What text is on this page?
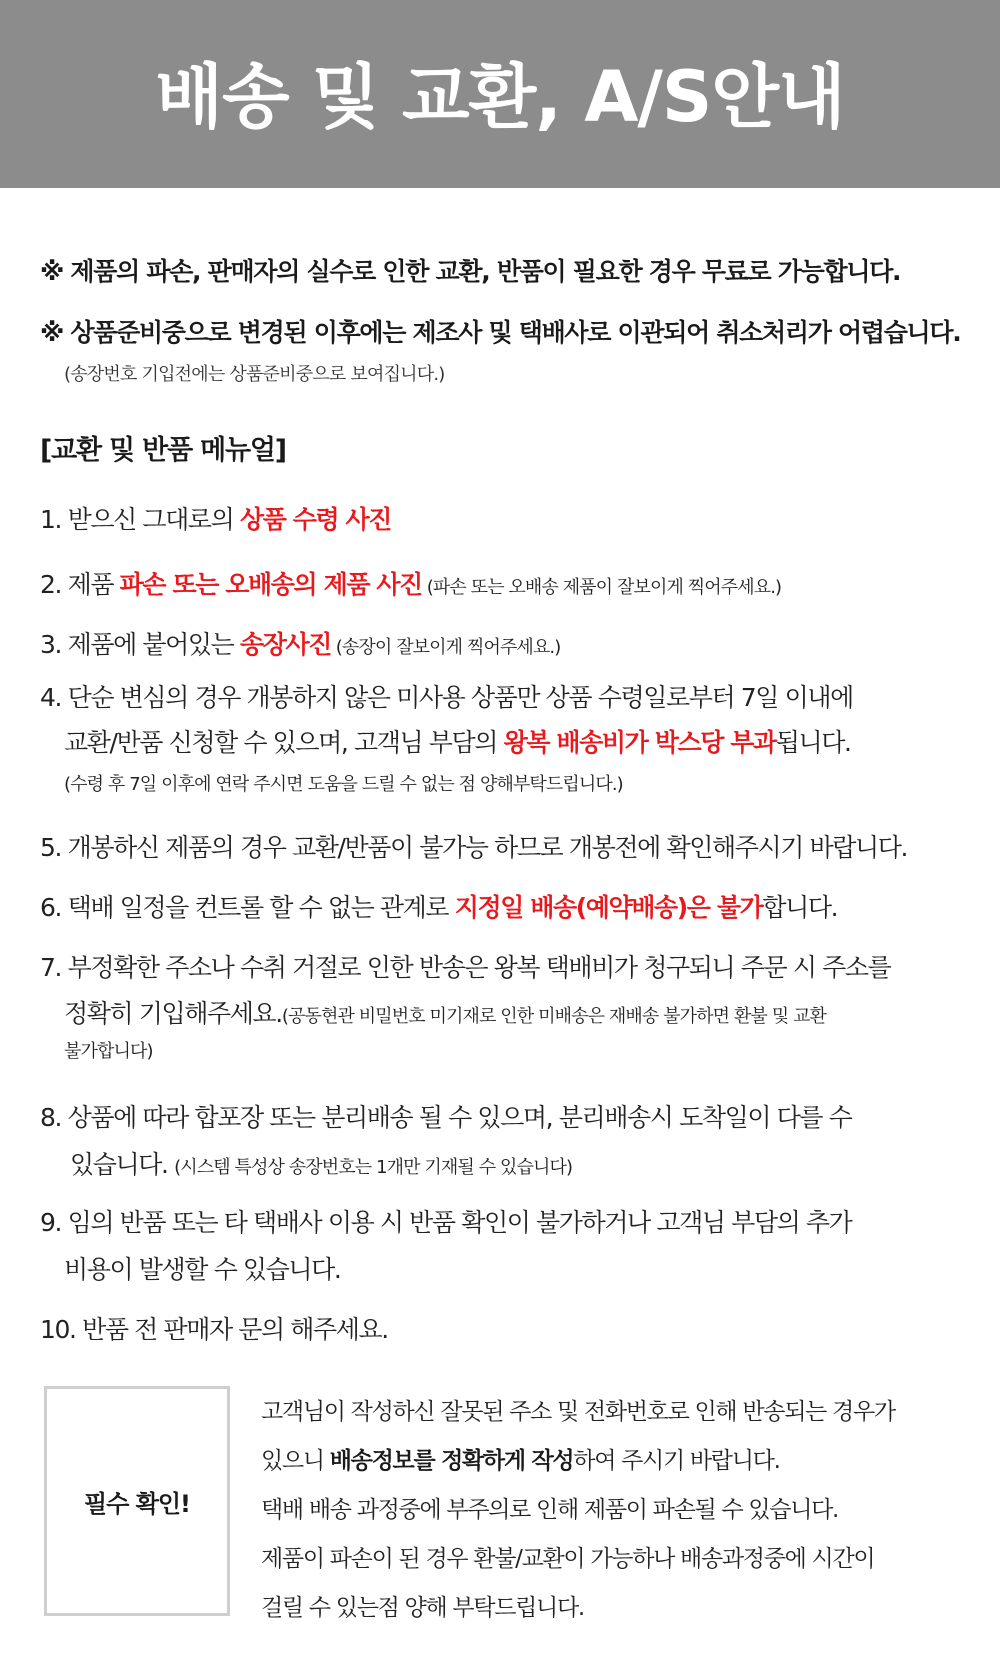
배송 및 교환, A/S안내
※ 제품의 파손, 판매자의 실수로 인한 교환, 반품이 필요한 경우 무료로 가능합니다.
※ 상품준비중으로 변경된 이후에는 제조사 및 택배사로 이관되어 취소처리가 어렵습니다.
(송장번호 기입전에는 상품준비중으로 보여집니다.)
[교환 및 반품 메뉴얼]
1. 받으신 그대로의 상품 수령 사진
2. 제품 파손 또는 오배송의 제품 사진 (파손 또는 오배송 제품이 잘보이게 찍어주세요.)
3. 제품에 붙어있는 송장사진 (송장이 잘보이게 찍어주세요.)
4. 단순 변심의 경우 개봉하지 않은 미사용 상품만 상품 수령일로부터 7일 이내에
교환/반품 신청할 수 있으며, 고객님 부담의 왕복 배송비가 박스당 부과됩니다.
(수령 후 7일 이후에 연락 주시면 도움을 드릴 수 없는 점 양해부탁드립니다.)
5. 개봉하신 제품의 경우 교환/반품이 불가능 하므로 개봉전에 확인해주시기 바랍니다.
6. 택배 일정을 컨트롤 할 수 없는 관계로 지정일 배송(예약배송)은 불가합니다.
7. 부정확한 주소나 수취 거절로 인한 반송은 왕복 택배비가 청구되니 주문 시 주소를
정확히 기입해주세요.(공동현관 비밀번호 미기재로 인한 미배송은 재배송 불가하면 환불 및 교환
불가합니다)
8. 상품에 따라 합포장 또는 분리배송 될 수 있으며, 분리배송시 도착일이 다를 수
있습니다. (시스템 특성상 송장번호는 1개만 기재될 수 있습니다)
9. 임의 반품 또는 타 택배사 이용 시 반품 확인이 불가하거나 고객님 부담의 추가
비용이 발생할 수 있습니다.
10. 반품 전 판매자 문의 해주세요.
필수 확인!
고객님이 작성하신 잘못된 주소 및 전화번호로 인해 반송되는 경우가
있으니 배송정보를 정확하게 작성하여 주시기 바랍니다.
택배 배송 과정중에 부주의로 인해 제품이 파손될 수 있습니다.
제품이 파손이 된 경우 환불/교환이 가능하나 배송과정중에 시간이
걸릴 수 있는점 양해 부탁드립니다.
